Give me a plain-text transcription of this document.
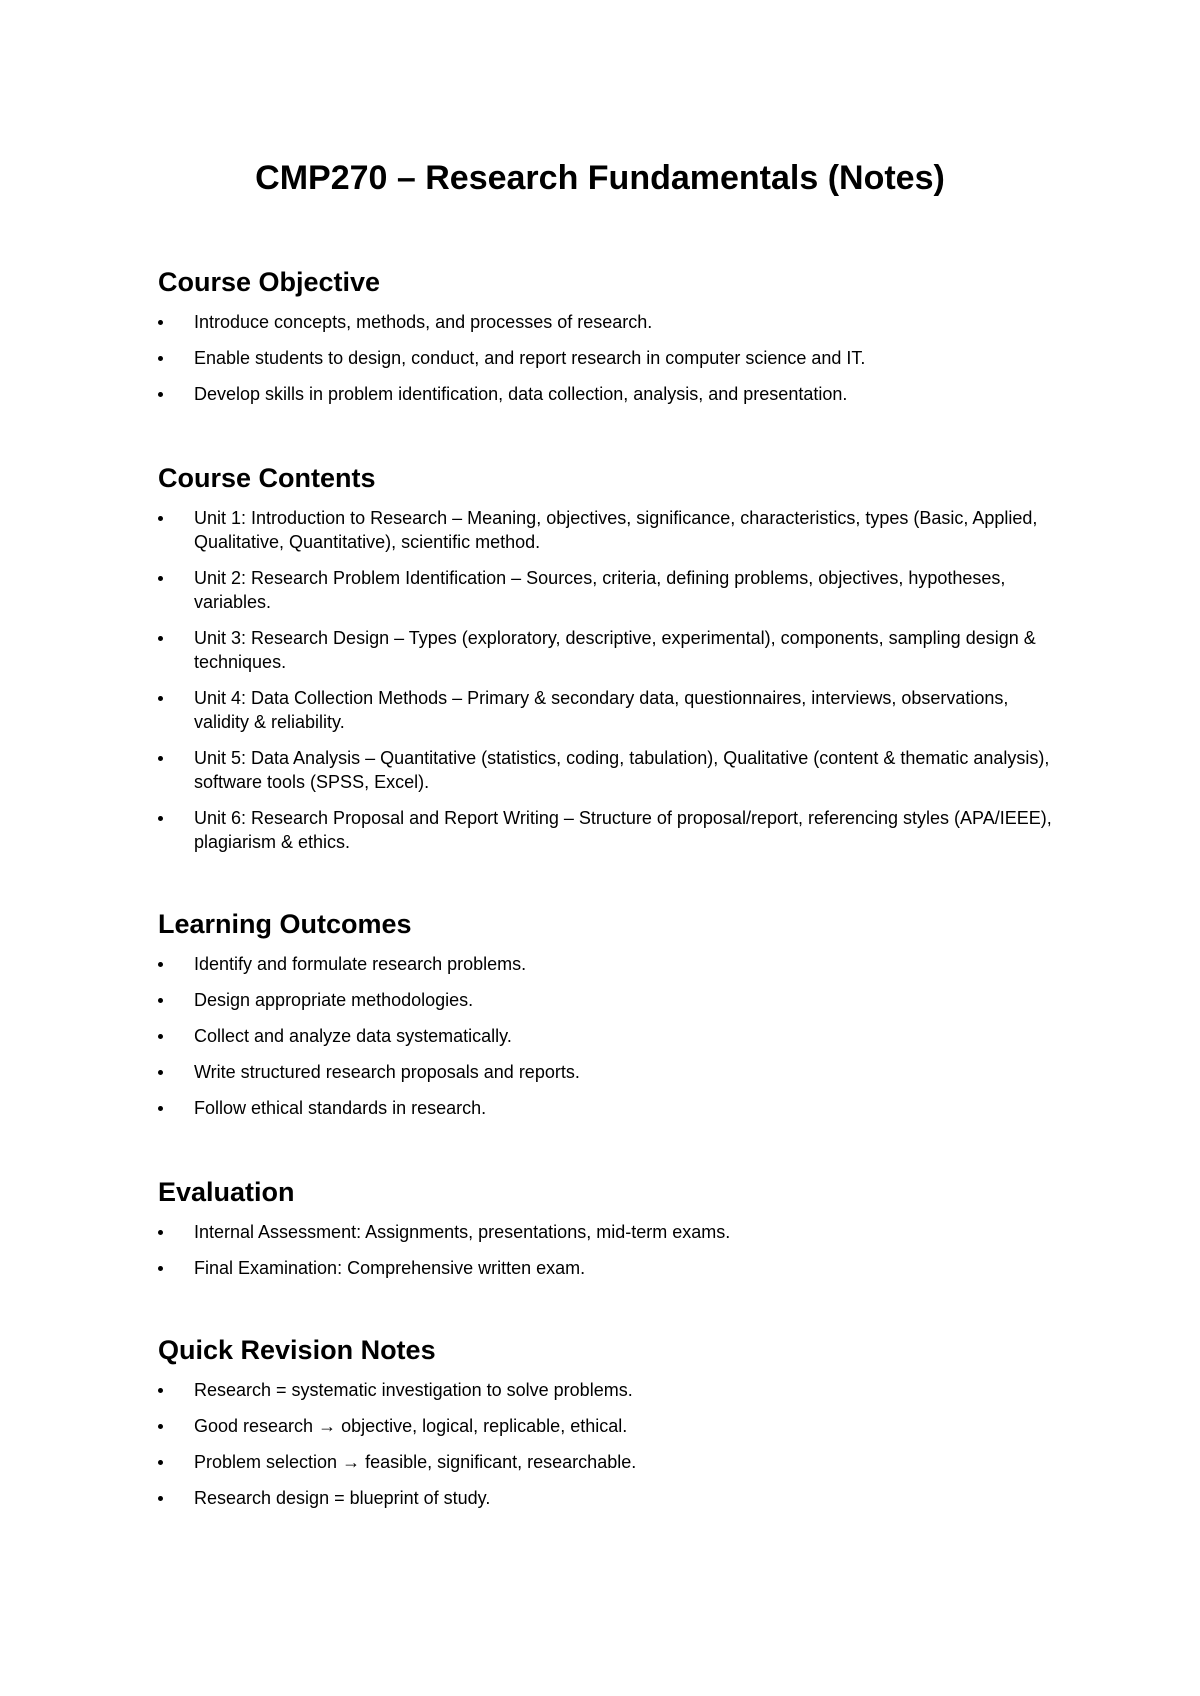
CMP270 – Research Fundamentals (Notes)
Course Objective
Introduce concepts, methods, and processes of research.
Enable students to design, conduct, and report research in computer science and IT.
Develop skills in problem identification, data collection, analysis, and presentation.
Course Contents
Unit 1: Introduction to Research – Meaning, objectives, significance, characteristics, types (Basic, Applied, Qualitative, Quantitative), scientific method.
Unit 2: Research Problem Identification – Sources, criteria, defining problems, objectives, hypotheses, variables.
Unit 3: Research Design – Types (exploratory, descriptive, experimental), components, sampling design & techniques.
Unit 4: Data Collection Methods – Primary & secondary data, questionnaires, interviews, observations, validity & reliability.
Unit 5: Data Analysis – Quantitative (statistics, coding, tabulation), Qualitative (content & thematic analysis), software tools (SPSS, Excel).
Unit 6: Research Proposal and Report Writing – Structure of proposal/report, referencing styles (APA/IEEE), plagiarism & ethics.
Learning Outcomes
Identify and formulate research problems.
Design appropriate methodologies.
Collect and analyze data systematically.
Write structured research proposals and reports.
Follow ethical standards in research.
Evaluation
Internal Assessment: Assignments, presentations, mid-term exams.
Final Examination: Comprehensive written exam.
Quick Revision Notes
Research = systematic investigation to solve problems.
Good research → objective, logical, replicable, ethical.
Problem selection → feasible, significant, researchable.
Research design = blueprint of study.
